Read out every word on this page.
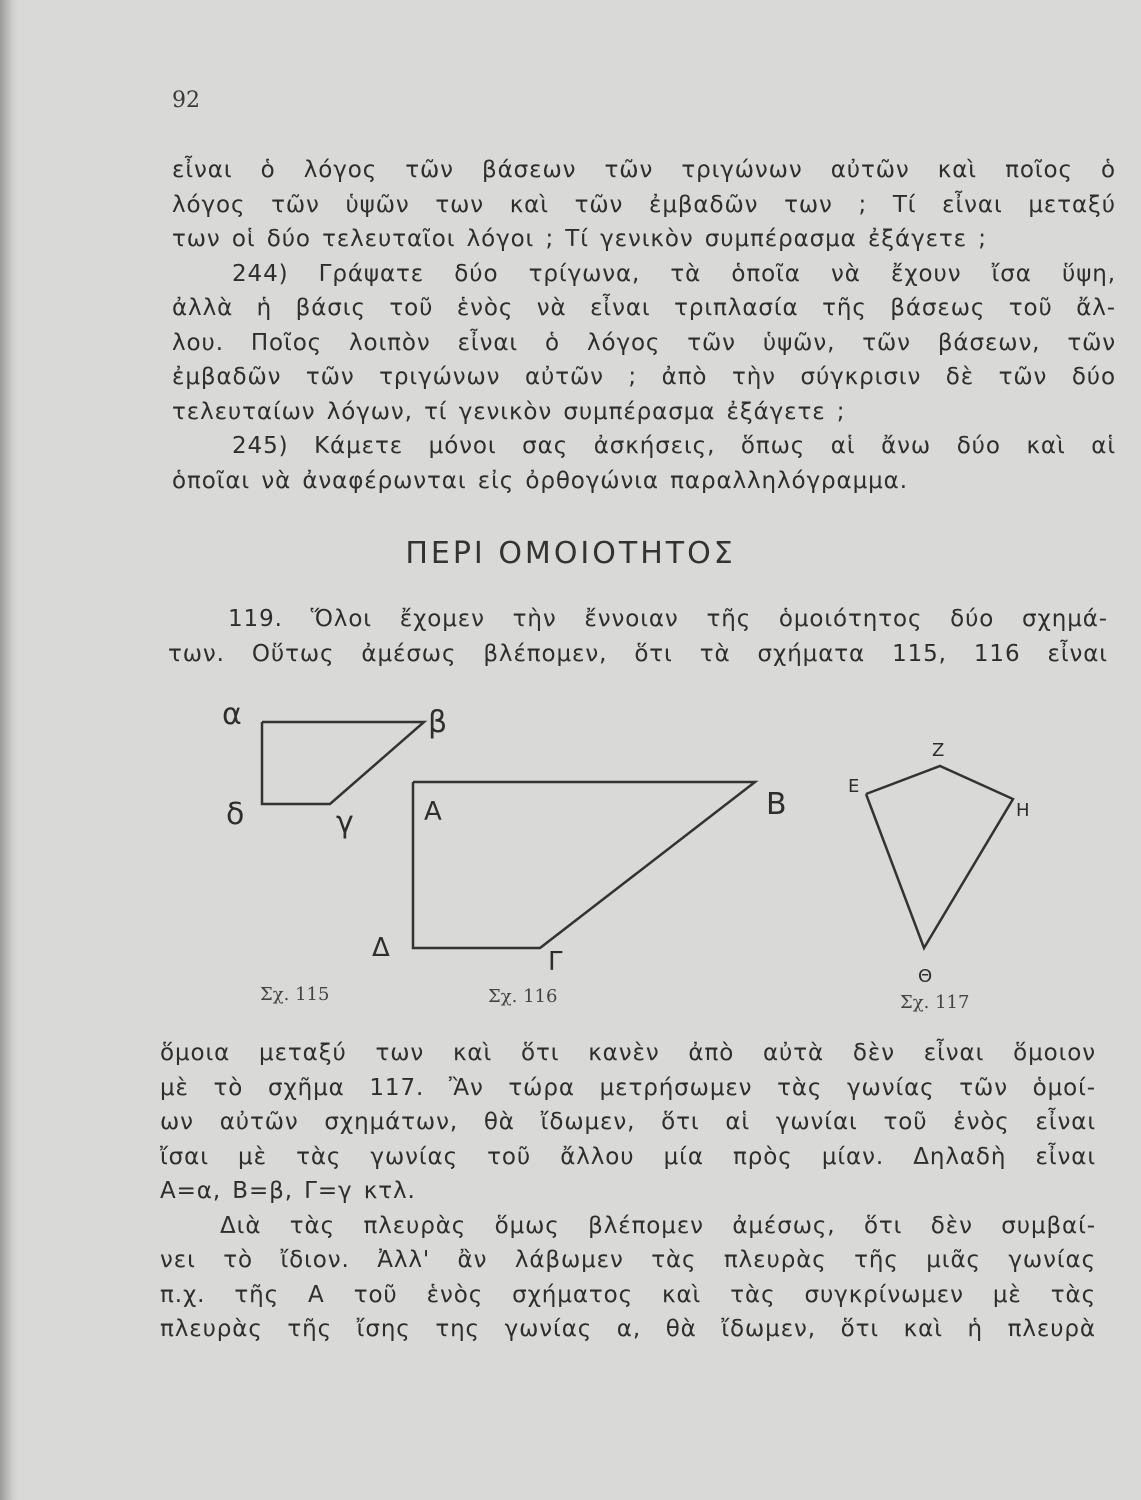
92
εἶναι ὁ λόγος τῶν βάσεων τῶν τριγώνων αὐτῶν καὶ ποῖος ὁ
λόγος τῶν ὑψῶν των καὶ τῶν ἐμβαδῶν των ; Τί εἶναι μεταξύ
των οἱ δύο τελευταῖοι λόγοι ; Τί γενικὸν συμπέρασμα ἐξάγετε ;
244) Γράψατε δύο τρίγωνα, τὰ ὁποῖα νὰ ἔχουν ἴσα ὕψη,
ἀλλὰ ἡ βάσις τοῦ ἑνὸς νὰ εἶναι τριπλασία τῆς βάσεως τοῦ ἄλ-
λου. Ποῖος λοιπὸν εἶναι ὁ λόγος τῶν ὑψῶν, τῶν βάσεων, τῶν
ἐμβαδῶν τῶν τριγώνων αὐτῶν ; ἀπὸ τὴν σύγκρισιν δὲ τῶν δύο
τελευταίων λόγων, τί γενικὸν συμπέρασμα ἐξάγετε ;
245) Κάμετε μόνοι σας ἀσκήσεις, ὅπως αἱ ἄνω δύο καὶ αἱ
ὁποῖαι νὰ ἀναφέρωνται εἰς ὀρθογώνια παραλληλόγραμμα.
ΠΕΡΙ ΟΜΟΙΟΤΗΤΟΣ
119. Ὅλοι ἔχομεν τὴν ἔννοιαν τῆς ὁμοιότητος δύο σχημά-
των. Οὕτως ἀμέσως βλέπομεν, ὅτι τὰ σχήματα 115, 116 εἶναι
α	β
γ
δ
Σχ. 115
Α	Β
Γ
Δ
Σχ. 116
Ε
Ζ
Η
Θ
Σχ. 117
ὅμοια μεταξύ των καὶ ὅτι κανὲν ἀπὸ αὐτὰ δὲν εἶναι ὅμοιον
μὲ τὸ σχῆμα 117. Ἂν τώρα μετρήσωμεν τὰς γωνίας τῶν ὁμοί-
ων αὐτῶν σχημάτων, θὰ ἴδωμεν, ὅτι αἱ γωνίαι τοῦ ἑνὸς εἶναι
ἴσαι μὲ τὰς γωνίας τοῦ ἄλλου μία πρὸς μίαν. Δηλαδὴ εἶναι
Α=α, Β=β, Γ=γ κτλ.
Διὰ τὰς πλευρὰς ὅμως βλέπομεν ἀμέσως, ὅτι δὲν συμβαί-
νει τὸ ἴδιον. Ἀλλ' ἂν λάβωμεν τὰς πλευρὰς τῆς μιᾶς γωνίας
π.χ. τῆς Α τοῦ ἑνὸς σχήματος καὶ τὰς συγκρίνωμεν μὲ τὰς
πλευρὰς τῆς ἴσης της γωνίας α, θὰ ἴδωμεν, ὅτι καὶ ἡ πλευρὰ
